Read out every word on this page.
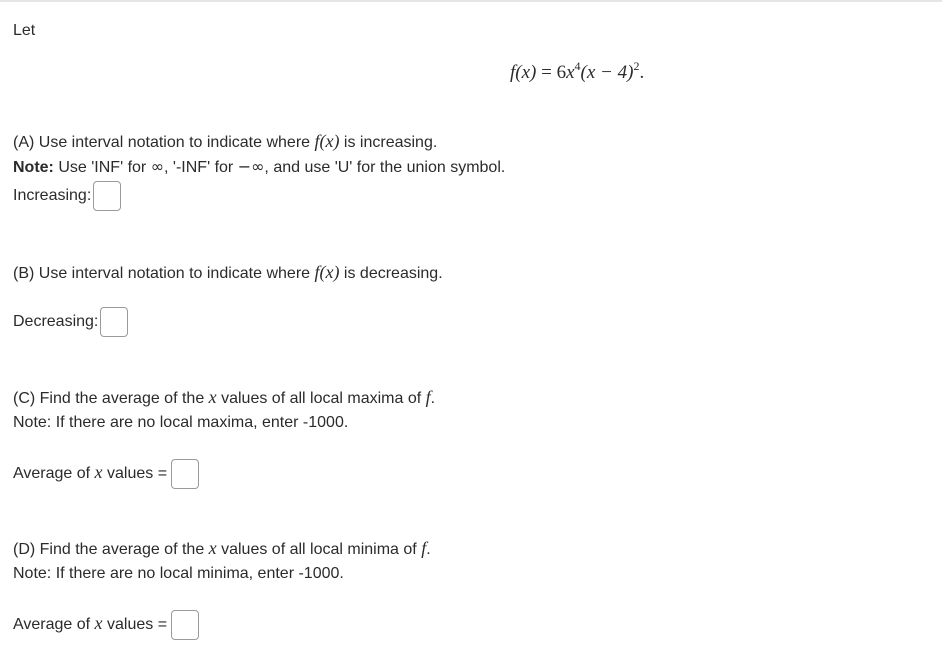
Let
$f(x) = 6x^4(x - 4)^2$.
(A) Use interval notation to indicate where f(x) is increasing.
Note: Use 'INF' for ∞, '-INF' for −∞, and use 'U' for the union symbol.
Increasing:
(B) Use interval notation to indicate where f(x) is decreasing.
Decreasing:
(C) Find the average of the x values of all local maxima of f.
Note: If there are no local maxima, enter -1000.
Average of x values =
(D) Find the average of the x values of all local minima of f.
Note: If there are no local minima, enter -1000.
Average of x values =
